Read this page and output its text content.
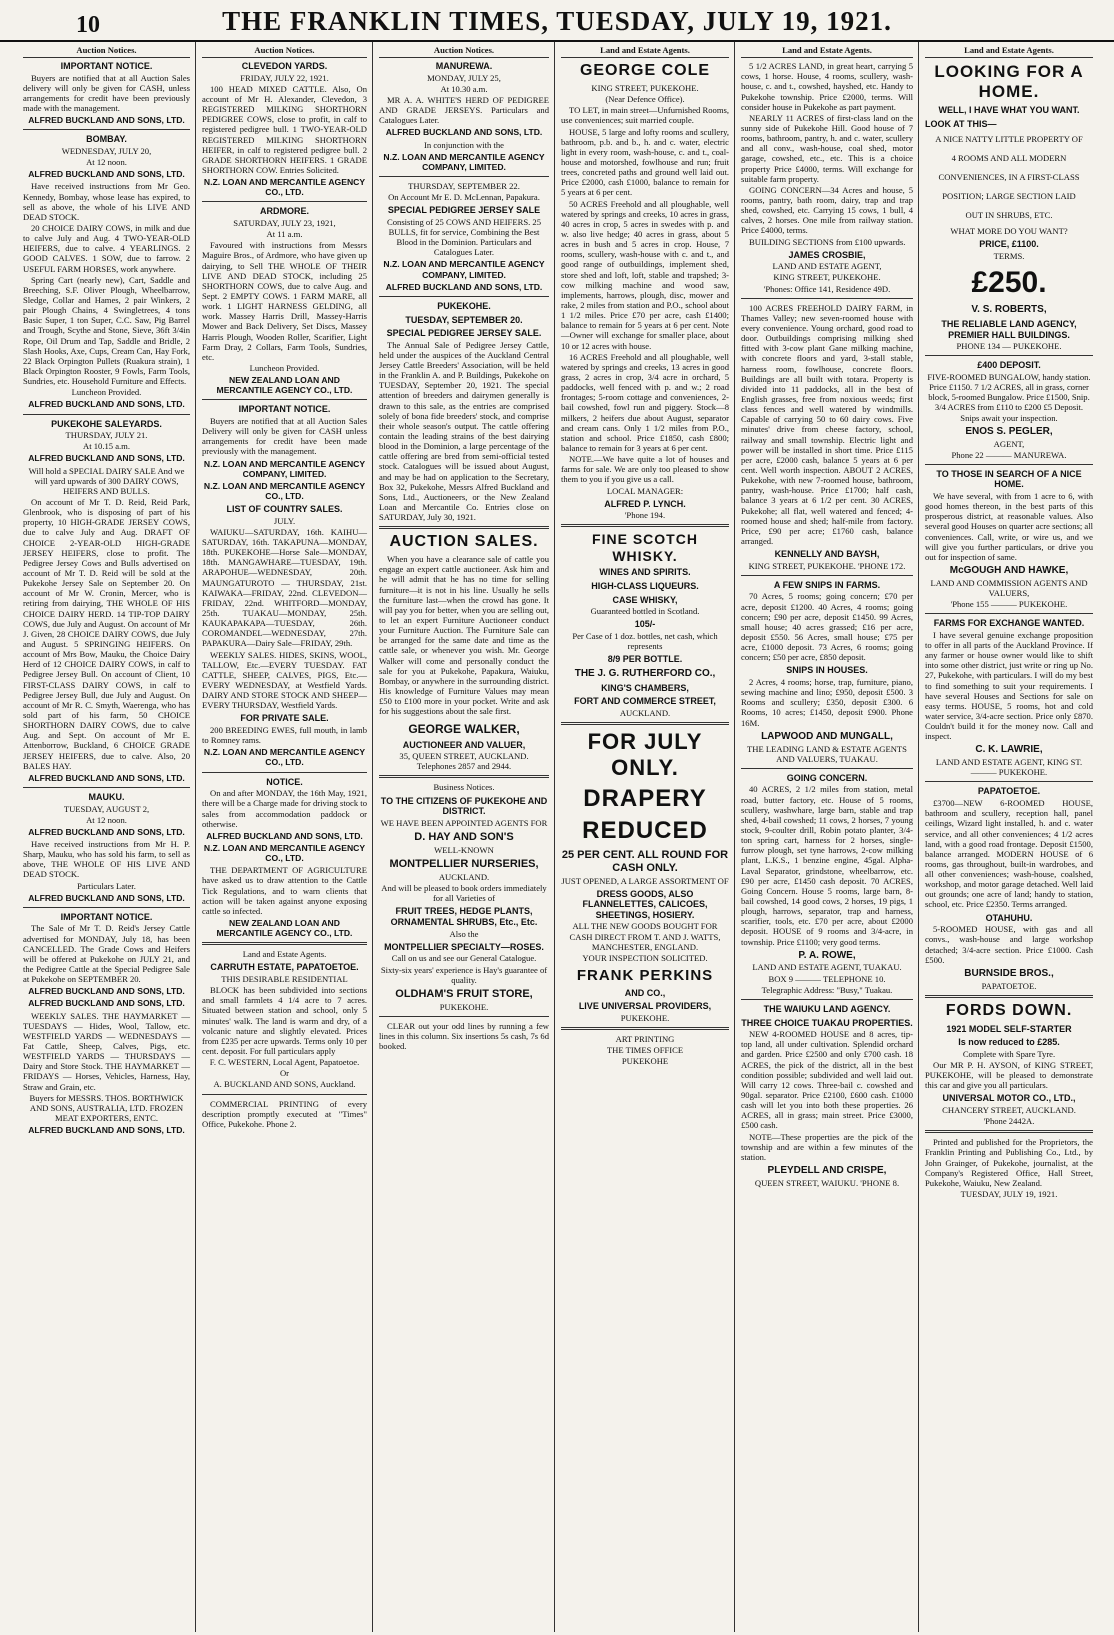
10	THE FRANKLIN TIMES, TUESDAY, JULY 19, 1921.
Auction Notices.
IMPORTANT NOTICE.
Buyers are notified that at all Auction Sales delivery will only be given for CASH, unless arrangements for credit have been previously made with the management.
ALFRED BUCKLAND AND SONS, LTD.
BOMBAY.
WEDNESDAY, JULY 20,
At 12 noon.
ALFRED BUCKLAND AND SONS, LTD.
Have received instructions from Mr Geo. Kennedy, Bombay, whose lease has expired, to sell as above, the whole of his LIVE AND DEAD STOCK.
20 CHOICE DAIRY COWS, in milk and due to calve July and Aug. 4 TWO-YEAR-OLD HEIFERS, due to calve. 4 YEARLINGS. 2 GOOD CALVES. 1 SOW, due to farrow. 2 USEFUL FARM HORSES, work anywhere.
Spring Cart (nearly new), Cart, Saddle and Breeching, S.F. Oliver Plough, Wheelbarrow, Sledge, Collar and Hames, 2 pair Winkers, 2 pair Plough Chains, 4 Swingletrees, 4 tons Basic Super, 1 ton Super, C.C. Saw, Pig Barrel and Trough, Scythe and Stone, Sieve, 36ft 3/4in Rope, Oil Drum and Tap, Saddle and Bridle, 2 Slash Hooks, Axe, Cups, Cream Can, Hay Fork, 22 Black Orpington Pullets (Ruakura strain), 1 Black Orpington Rooster, 9 Fowls, Farm Tools, Sundries, etc. Household Furniture and Effects.
Luncheon Provided.
ALFRED BUCKLAND AND SONS, LTD.
PUKEKOHE SALEYARDS.
THURSDAY, JULY 21.
At 10.15 a.m.
ALFRED BUCKLAND AND SONS, LTD.
Will hold a SPECIAL DAIRY SALE And we will yard upwards of 300 DAIRY COWS, HEIFERS AND BULLS.
On account of Mr T. D. Reid, Reid Park, Glenbrook, who is disposing of part of his property, 10 HIGH-GRADE JERSEY COWS, due to calve July and Aug. DRAFT OF CHOICE 2-YEAR-OLD HIGH-GRADE JERSEY HEIFERS, close to profit. The Pedigree Jersey Cows and Bulls advertised on account of Mr T. D. Reid will be sold at the Pukekohe Jersey Sale on September 20. On account of Mr W. Cronin, Mercer, who is retiring from dairying, THE WHOLE OF HIS CHOICE DAIRY HERD. 14 TIP-TOP DAIRY COWS, due July and August. On account of Mr J. Given, 28 CHOICE DAIRY COWS, due July and August. 5 SPRINGING HEIFERS. On account of Mrs Bow, Mauku, the Choice Dairy Herd of 12 CHOICE DAIRY COWS, in calf to Pedigree Jersey Bull. On account of Client, 10 FIRST-CLASS DAIRY COWS, in calf to Pedigree Jersey Bull, due July and August. On account of Mr R. C. Smyth, Waerenga, who has sold part of his farm, 50 CHOICE SHORTHORN DAIRY COWS, due to calve Aug. and Sept. On account of Mr E. Attenborrow, Buckland, 6 CHOICE GRADE JERSEY HEIFERS, due to calve. Also, 20 BALES HAY.
ALFRED BUCKLAND AND SONS, LTD.
MAUKU.
TUESDAY, AUGUST 2,
At 12 noon.
ALFRED BUCKLAND AND SONS, LTD.
Have received instructions from Mr H. P. Sharp, Mauku, who has sold his farm, to sell as above, THE WHOLE OF HIS LIVE AND DEAD STOCK.
Particulars Later.
ALFRED BUCKLAND AND SONS, LTD.
IMPORTANT NOTICE.
The Sale of Mr T. D. Reid's Jersey Cattle advertised for MONDAY, July 18, has been CANCELLED. The Grade Cows and Heifers will be offered at Pukekohe on JULY 21, and the Pedigree Cattle at the Special Pedigree Sale at Pukekohe on SEPTEMBER 20.
ALFRED BUCKLAND AND SONS, LTD.
ALFRED BUCKLAND AND SONS, LTD.
WEEKLY SALES. THE HAYMARKET — TUESDAYS — Hides, Wool, Tallow, etc. WESTFIELD YARDS — WEDNESDAYS — Fat Cattle, Sheep, Calves, Pigs, etc. WESTFIELD YARDS — THURSDAYS — Dairy and Store Stock. THE HAYMARKET — FRIDAYS — Horses, Vehicles, Harness, Hay, Straw and Grain, etc.
Buyers for MESSRS. THOS. BORTHWICK AND SONS, AUSTRALIA, LTD. FROZEN MEAT EXPORTERS, ENTC.
ALFRED BUCKLAND AND SONS, LTD.
Auction Notices.
CLEVEDON YARDS.
FRIDAY, JULY 22, 1921.
100 HEAD MIXED CATTLE. Also, On account of Mr H. Alexander, Clevedon, 3 REGISTERED MILKING SHORTHORN PEDIGREE COWS, close to profit, in calf to registered pedigree bull. 1 TWO-YEAR-OLD REGISTERED MILKING SHORTHORN HEIFER, in calf to registered pedigree bull. 2 GRADE SHORTHORN HEIFERS. 1 GRADE SHORTHORN COW. Entries Solicited.
N.Z. LOAN AND MERCANTILE AGENCY CO., LTD.
ARDMORE.
SATURDAY, JULY 23, 1921,
At 11 a.m.
Favoured with instructions from Messrs Maguire Bros., of Ardmore, who have given up dairying, to Sell THE WHOLE OF THEIR LIVE AND DEAD STOCK, including 25 SHORTHORN COWS, due to calve Aug. and Sept. 2 EMPTY COWS. 1 FARM MARE, all work. 1 LIGHT HARNESS GELDING, all work. Massey Harris Drill, Massey-Harris Mower and Back Delivery, Set Discs, Massey Harris Plough, Wooden Roller, Scarifier, Light Farm Dray, 2 Collars, Farm Tools, Sundries, etc.
Luncheon Provided.
NEW ZEALAND LOAN AND MERCANTILE AGENCY CO., LTD.
IMPORTANT NOTICE.
Buyers are notified that at all Auction Sales Delivery will only be given for CASH unless arrangements for credit have been made previously with the management.
N.Z. LOAN AND MERCANTILE AGENCY COMPANY, LIMITED.
N.Z. LOAN AND MERCANTILE AGENCY CO., LTD.
LIST OF COUNTRY SALES.
JULY.
WAIUKU—SATURDAY, 16th. KAIHU—SATURDAY, 16th. TAKAPUNA—MONDAY, 18th. PUKEKOHE—Horse Sale—MONDAY, 18th. MANGAWHARE—TUESDAY, 19th. ARAPOHUE—WEDNESDAY, 20th. MAUNGATUROTO — THURSDAY, 21st. KAIWAKA—FRIDAY, 22nd. CLEVEDON—FRIDAY, 22nd. WHITFORD—MONDAY, 25th. TUAKAU—MONDAY, 25th. KAUKAPAKAPA—TUESDAY, 26th. COROMANDEL—WEDNESDAY, 27th. PAPAKURA—Dairy Sale—FRIDAY, 29th.
WEEKLY SALES. HIDES, SKINS, WOOL, TALLOW, Etc.—EVERY TUESDAY. FAT CATTLE, SHEEP, CALVES, PIGS, Etc.—EVERY WEDNESDAY, at Westfield Yards. DAIRY AND STORE STOCK AND SHEEP—EVERY THURSDAY, Westfield Yards.
FOR PRIVATE SALE.
200 BREEDING EWES, full mouth, in lamb to Romney rams.
N.Z. LOAN AND MERCANTILE AGENCY CO., LTD.
NOTICE.
On and after MONDAY, the 16th May, 1921, there will be a Charge made for driving stock to sales from accommodation paddock or otherwise.
ALFRED BUCKLAND AND SONS, LTD.
N.Z. LOAN AND MERCANTILE AGENCY CO., LTD.
THE DEPARTMENT OF AGRICULTURE have asked us to draw attention to the Cattle Tick Regulations, and to warn clients that action will be taken against anyone exposing cattle so infected.
NEW ZEALAND LOAN AND MERCANTILE AGENCY CO., LTD.
Land and Estate Agents.
CARRUTH ESTATE, PAPATOETOE.
THIS DESIRABLE RESIDENTIAL
BLOCK has been subdivided into sections and small farmlets 4 1/4 acre to 7 acres. Situated between station and school, only 5 minutes' walk. The land is warm and dry, of a volcanic nature and slightly elevated. Prices from £235 per acre upwards. Terms only 10 per cent. deposit. For full particulars apply
F. C. WESTERN, Local Agent, Papatoetoe.
Or
A. BUCKLAND AND SONS, Auckland.
COMMERCIAL PRINTING of every description promptly executed at "Times" Office, Pukekohe. Phone 2.
Auction Notices.
MANUREWA.
MONDAY, JULY 25,
At 10.30 a.m.
MR A. A. WHITE'S HERD OF PEDIGREE AND GRADE JERSEYS. Particulars and Catalogues Later.
ALFRED BUCKLAND AND SONS, LTD.
In conjunction with the
N.Z. LOAN AND MERCANTILE AGENCY COMPANY, LIMITED.
THURSDAY, SEPTEMBER 22.
On Account Mr E. D. McLennan, Papakura.
SPECIAL PEDIGREE JERSEY SALE
Consisting of 25 COWS AND HEIFERS. 25 BULLS, fit for service, Combining the Best Blood in the Dominion. Particulars and Catalogues Later.
N.Z. LOAN AND MERCANTILE AGENCY COMPANY, LIMITED.
ALFRED BUCKLAND AND SONS, LTD.
PUKEKOHE.
TUESDAY, SEPTEMBER 20.
SPECIAL PEDIGREE JERSEY SALE.
The Annual Sale of Pedigree Jersey Cattle, held under the auspices of the Auckland Central Jersey Cattle Breeders' Association, will be held in the Franklin A. and P. Buildings, Pukekohe on TUESDAY, September 20, 1921. The special attention of breeders and dairymen generally is drawn to this sale, as the entries are comprised solely of bona fide breeders' stock, and comprise their whole season's output. The cattle offering contain the leading strains of the best dairying blood in the Dominion, a large percentage of the cattle offering are bred from semi-official tested stock. Catalogues will be issued about August, and may be had on application to the Secretary, Box 32, Pukekohe, Messrs Alfred Buckland and Sons, Ltd., Auctioneers, or the New Zealand Loan and Mercantile Co. Entries close on SATURDAY, July 30, 1921.
AUCTION SALES.
When you have a clearance sale of cattle you engage an expert cattle auctioneer. Ask him and he will admit that he has no time for selling furniture—it is not in his line. Usually he sells the furniture last—when the crowd has gone. It will pay you for better, when you are selling out, to let an expert Furniture Auctioneer conduct your Furniture Auction. The Furniture Sale can be arranged for the same date and time as the cattle sale, or whenever you wish. Mr. George Walker will come and personally conduct the sale for you at Pukekohe, Papakura, Waiuku, Bombay, or anywhere in the surrounding district. His knowledge of Furniture Values may mean £50 to £100 more in your pocket. Write and ask for his suggestions about the sale first.
GEORGE WALKER,
AUCTIONEER AND VALUER,
35, QUEEN STREET, AUCKLAND. Telephones 2857 and 2944.
Business Notices.
TO THE CITIZENS OF PUKEKOHE AND DISTRICT.
WE HAVE BEEN APPOINTED AGENTS FOR
D. HAY AND SON'S
WELL-KNOWN
MONTPELLIER NURSERIES,
AUCKLAND.
And will be pleased to book orders immediately for all Varieties of
FRUIT TREES, HEDGE PLANTS, ORNAMENTAL SHRUBS, Etc., Etc.
Also the
MONTPELLIER SPECIALTY—ROSES.
Call on us and see our General Catalogue.
Sixty-six years' experience is Hay's guarantee of quality.
OLDHAM'S FRUIT STORE,
PUKEKOHE.
CLEAR out your odd lines by running a few lines in this column. Six insertions 5s cash, 7s 6d booked.
Land and Estate Agents.
GEORGE COLE
KING STREET, PUKEKOHE.
(Near Defence Office).
TO LET, in main street—Unfurnished Rooms, use conveniences; suit married couple.
HOUSE, 5 large and lofty rooms and scullery, bathroom, p.b. and b., h. and c. water, electric light in every room, wash-house, c. and t., coal-house and motorshed, fowlhouse and run; fruit trees, concreted paths and ground well laid out. Price £2000, cash £1000, balance to remain for 5 years at 6 per cent.
50 ACRES Freehold and all ploughable, well watered by springs and creeks, 10 acres in grass, 40 acres in crop, 5 acres in swedes with p. and w. also live hedge; 40 acres in grass, about 5 acres in bush and 5 acres in crop. House, 7 rooms, scullery, wash-house with c. and t., and good range of outbuildings, implement shed, store shed and loft, loft, stable and trapshed; 3-cow milking machine and wood saw, implements, harrows, plough, disc, mower and rake, 2 miles from station and P.O., school about 1 1/2 miles. Price £70 per acre, cash £1400; balance to remain for 5 years at 6 per cent. Note—Owner will exchange for smaller place, about 10 or 12 acres with house.
16 ACRES Freehold and all ploughable, well watered by springs and creeks, 13 acres in good grass, 2 acres in crop, 3/4 acre in orchard, 5 paddocks, well fenced with p. and w.; 2 road frontages; 5-room cottage and conveniences, 2-bail cowshed, fowl run and piggery. Stock—8 milkers, 2 heifers due about August, separator and cream cans. Only 1 1/2 miles from P.O., station and school. Price £1850, cash £800; balance to remain for 3 years at 6 per cent.
NOTE.—We have quite a lot of houses and farms for sale. We are only too pleased to show them to you if you give us a call.
LOCAL MANAGER:
ALFRED P. LYNCH.
'Phone 194.
FINE SCOTCH WHISKY.
WINES AND SPIRITS.
HIGH-CLASS LIQUEURS.
CASE WHISKY,
Guaranteed bottled in Scotland.
105/-
Per Case of 1 doz. bottles, net cash, which represents
8/9 PER BOTTLE.
THE J. G. RUTHERFORD CO.,
KING'S CHAMBERS,
FORT AND COMMERCE STREET,
AUCKLAND.
FOR JULY ONLY.
DRAPERY
REDUCED
25 PER CENT. ALL ROUND FOR CASH ONLY.
JUST OPENED, A LARGE ASSORTMENT OF
DRESS GOODS, ALSO FLANNELETTES, CALICOES, SHEETINGS, HOSIERY.
ALL THE NEW GOODS BOUGHT FOR CASH DIRECT FROM T. AND J. WATTS, MANCHESTER, ENGLAND.
YOUR INSPECTION SOLICITED.
FRANK PERKINS
AND CO.,
LIVE UNIVERSAL PROVIDERS,
PUKEKOHE.
ART PRINTING
THE TIMES OFFICE
PUKEKOHE
Land and Estate Agents.
5 1/2 ACRES LAND, in great heart, carrying 5 cows, 1 horse. House, 4 rooms, scullery, wash-house, c. and t., cowshed, hayshed, etc. Handy to Pukekohe township. Price £2000, terms. Will consider house in Pukekohe as part payment.
NEARLY 11 ACRES of first-class land on the sunny side of Pukekohe Hill. Good house of 7 rooms, bathroom, pantry, h. and c. water, scullery and all conv., wash-house, coal shed, motor garage, cowshed, etc., etc. This is a choice property Price £4000, terms. Will exchange for suitable farm property.
GOING CONCERN—34 Acres and house, 5 rooms, pantry, bath room, dairy, trap and trap shed, cowshed, etc. Carrying 15 cows, 1 bull, 4 calves, 2 horses. One mile from railway station. Price £4000, terms.
BUILDING SECTIONS from £100 upwards.
JAMES CROSBIE,
LAND AND ESTATE AGENT,
KING STREET, PUKEKOHE.
'Phones: Office 141, Residence 49D.
100 ACRES FREEHOLD DAIRY FARM, in Thames Valley; new seven-roomed house with every convenience. Young orchard, good road to door. Outbuildings comprising milking shed fitted with 3-cow plant Gane milking machine, with concrete floors and yard, 3-stall stable, harness room, fowlhouse, concrete floors. Buildings are all built with totara. Property is divided into 11 paddocks, all in the best of English grasses, free from noxious weeds; first class fences and well watered by windmills. Capable of carrying 50 to 60 dairy cows. Five minutes' drive from cheese factory, school, railway and small township. Electric light and power will be installed in short time. Price £115 per acre, £2000 cash, balance 5 years at 6 per cent. Well worth inspection. ABOUT 2 ACRES, Pukekohe, with new 7-roomed house, bathroom, pantry, wash-house. Price £1700; half cash, balance 3 years at 6 1/2 per cent. 30 ACRES, Pukekohe; all flat, well watered and fenced; 4-roomed house and shed; half-mile from factory. Price, £90 per acre; £1760 cash, balance arranged.
KENNELLY AND BAYSH,
KING STREET, PUKEKOHE. 'PHONE 172.
A FEW SNIPS IN FARMS.
70 Acres, 5 rooms; going concern; £70 per acre, deposit £1200. 40 Acres, 4 rooms; going concern; £90 per acre, deposit £1450. 99 Acres, small house; 40 acres grassed; £16 per acre, deposit £550. 56 Acres, small house; £75 per acre, £1000 deposit. 73 Acres, 6 rooms; going concern; £50 per acre, £850 deposit.
SNIPS IN HOUSES.
2 Acres, 4 rooms; horse, trap, furniture, piano, sewing machine and lino; £950, deposit £500. 3 Rooms and scullery; £350, deposit £300. 6 Rooms, 10 acres; £1450, deposit £900. Phone 16M.
LAPWOOD AND MUNGALL,
THE LEADING LAND & ESTATE AGENTS AND VALUERS, TUAKAU.
GOING CONCERN.
40 ACRES, 2 1/2 miles from station, metal road, butter factory, etc. House of 5 rooms, scullery, washwhare, large barn, stable and trap shed, 4-bail cowshed; 11 cows, 2 horses, 7 young stock, 9-coulter drill, Robin potato planter, 3/4-ton spring cart, harness for 2 horses, single-furrow plough, set tyne harrows, 2-cow milking plant, L.K.S., 1 benzine engine, 45gal. Alpha-Laval Separator, grindstone, wheelbarrow, etc. £90 per acre, £1450 cash deposit. 70 ACRES, Going Concern. House 5 rooms, large barn, 8-bail cowshed, 14 good cows, 2 horses, 19 pigs, 1 plough, harrows, separator, trap and harness, scarifier, tools, etc. £70 per acre, about £2000 deposit. HOUSE of 9 rooms and 3/4-acre, in township. Price £1100; very good terms.
P. A. ROWE,
LAND AND ESTATE AGENT, TUAKAU.
BOX 9 ——— TELEPHONE 10.
Telegraphic Address: "Busy," Tuakau.
THE WAIUKU LAND AGENCY.
THREE CHOICE TUAKAU PROPERTIES.
NEW 4-ROOMED HOUSE and 8 acres, tip-top land, all under cultivation. Splendid orchard and garden. Price £2500 and only £700 cash. 18 ACRES, the pick of the district, all in the best condition possible; subdivided and well laid out. Will carry 12 cows. Three-bail c. cowshed and 90gal. separator. Price £2100, £600 cash. £1000 cash will let you into both these properties. 26 ACRES, all in grass; main street. Price £3000, £500 cash.
NOTE—These properties are the pick of the township and are within a few minutes of the station.
PLEYDELL AND CRISPE,
QUEEN STREET, WAIUKU. 'PHONE 8.
Land and Estate Agents.
LOOKING FOR A HOME.
WELL, I HAVE WHAT YOU WANT.
LOOK AT THIS—
A NICE NATTY LITTLE PROPERTY OF 4 ROOMS AND ALL MODERN CONVENIENCES, IN A FIRST-CLASS POSITION; LARGE SECTION LAID OUT IN SHRUBS, ETC.
WHAT MORE DO YOU WANT?
PRICE, £1100.
TERMS.
£250.
V. S. ROBERTS,
THE RELIABLE LAND AGENCY, PREMIER HALL BUILDINGS.
PHONE 134 — PUKEKOHE.
£400 DEPOSIT.
FIVE-ROOMED BUNGALOW, handy station. Price £1150. 7 1/2 ACRES, all in grass, corner block, 5-roomed Bungalow. Price £1500, Snip. 3/4 ACRES from £110 to £200 £5 Deposit. Snips await your inspection.
ENOS S. PEGLER,
AGENT,
Phone 22 ——— MANUREWA.
TO THOSE IN SEARCH OF A NICE HOME.
We have several, with from 1 acre to 6, with good homes thereon, in the best parts of this prosperous district, at reasonable values. Also several good Houses on quarter acre sections; all conveniences. Call, write, or wire us, and we will give you further particulars, or drive you out for inspection of same.
McGOUGH AND HAWKE,
LAND AND COMMISSION AGENTS AND VALUERS,
'Phone 155 ——— PUKEKOHE.
FARMS FOR EXCHANGE WANTED.
I have several genuine exchange proposition to offer in all parts of the Auckland Province. If any farmer or house owner would like to shift into some other district, just write or ring up No. 27, Pukekohe, with particulars. I will do my best to find something to suit your requirements. I have several Houses and Sections for sale on easy terms. HOUSE, 5 rooms, hot and cold water service, 3/4-acre section. Price only £870. Couldn't build it for the money now. Call and inspect.
C. K. LAWRIE,
LAND AND ESTATE AGENT, KING ST. ——— PUKEKOHE.
PAPATOETOE.
£3700—NEW 6-ROOMED HOUSE, bathroom and scullery, reception hall, panel ceilings, Wizard light installed, h. and c. water service, and all other conveniences; 4 1/2 acres land, with a good road frontage. Deposit £1500, balance arranged. MODERN HOUSE of 6 rooms, gas throughout, built-in wardrobes, and all other conveniences; wash-house, coalshed, workshop, and motor garage detached. Well laid out grounds; one acre of land; handy to station, school, etc. Price £2350. Terms arranged.
OTAHUHU.
5-ROOMED HOUSE, with gas and all convs., wash-house and large workshop detached; 3/4-acre section. Price £1000. Cash £500.
BURNSIDE BROS.,
PAPATOETOE.
FORDS DOWN.
1921 MODEL SELF-STARTER
Is now reduced to £285.
Complete with Spare Tyre.
Our MR P. H. AYSON, of KING STREET, PUKEKOHE, will be pleased to demonstrate this car and give you all particulars.
UNIVERSAL MOTOR CO., LTD.,
CHANCERY STREET, AUCKLAND.
'Phone 2442A.
Printed and published for the Proprietors, the Franklin Printing and Publishing Co., Ltd., by John Grainger, of Pukekohe, journalist, at the Company's Registered Office, Hall Street, Pukekohe, Waiuku, New Zealand.
TUESDAY, JULY 19, 1921.
